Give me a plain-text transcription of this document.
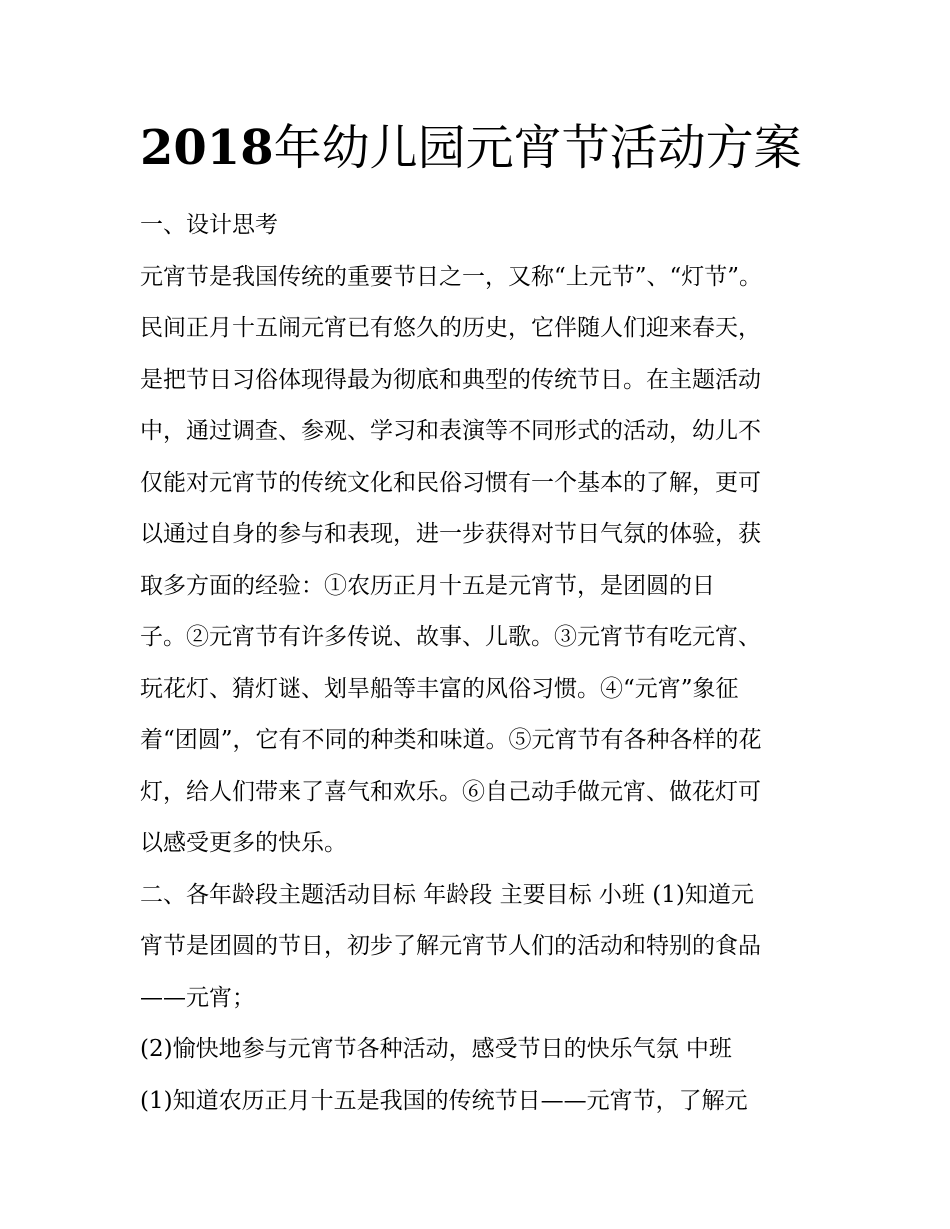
2018年幼儿园元宵节活动方案

一、设计思考

元宵节是我国传统的重要节日之一，又称“上元节”、“灯节”。

民间正月十五闹元宵已有悠久的历史，它伴随人们迎来春天，

是把节日习俗体现得最为彻底和典型的传统节日。在主题活动

中，通过调查、参观、学习和表演等不同形式的活动，幼儿不

仅能对元宵节的传统文化和民俗习惯有一个基本的了解，更可

以通过自身的参与和表现，进一步获得对节日气氛的体验，获

取多方面的经验：①农历正月十五是元宵节，是团圆的日

子。②元宵节有许多传说、故事、儿歌。③元宵节有吃元宵、

玩花灯、猜灯谜、划旱船等丰富的风俗习惯。④“元宵”象征

着“团圆”，它有不同的种类和味道。⑤元宵节有各种各样的花

灯，给人们带来了喜气和欢乐。⑥自己动手做元宵、做花灯可

以感受更多的快乐。

二、各年龄段主题活动目标 年龄段 主要目标 小班 (1)知道元

宵节是团圆的节日，初步了解元宵节人们的活动和特别的食品

——元宵；

(2)愉快地参与元宵节各种活动，感受节日的快乐气氛 中班

(1)知道农历正月十五是我国的传统节日——元宵节，了解元
